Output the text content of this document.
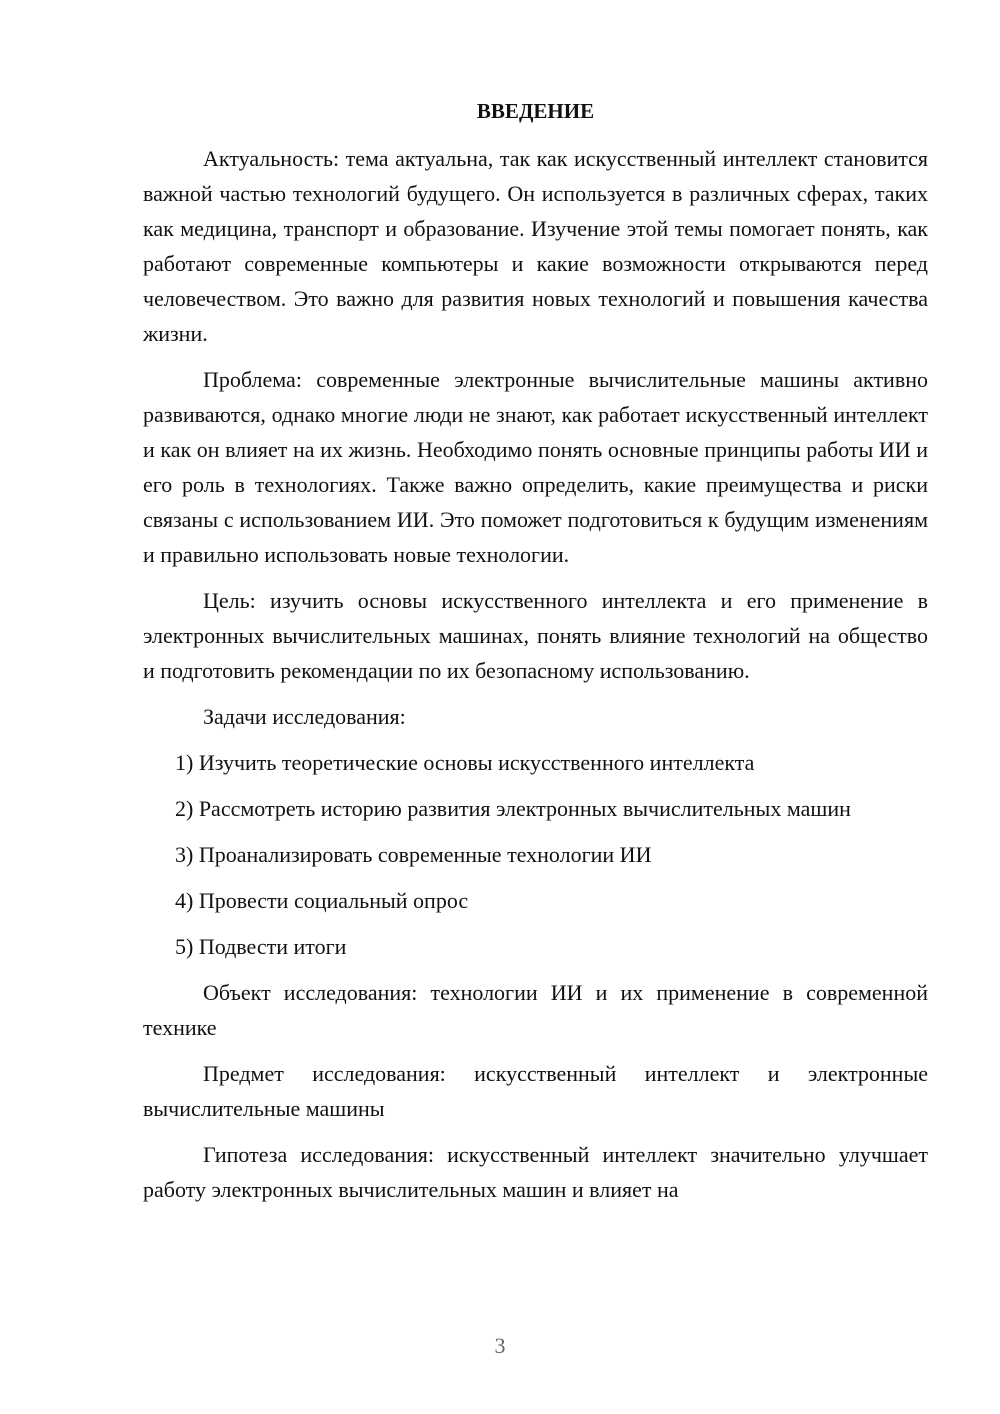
ВВЕДЕНИЕ

Актуальность: тема актуальна, так как искусственный интеллект становится важной частью технологий будущего. Он используется в различных сферах, таких как медицина, транспорт и образование. Изучение этой темы помогает понять, как работают современные компьютеры и какие возможности открываются перед человечеством. Это важно для развития новых технологий и повышения качества жизни.

Проблема: современные электронные вычислительные машины активно развиваются, однако многие люди не знают, как работает искусственный интеллект и как он влияет на их жизнь. Необходимо понять основные принципы работы ИИ и его роль в технологиях. Также важно определить, какие преимущества и риски связаны с использованием ИИ. Это поможет подготовиться к будущим изменениям и правильно использовать новые технологии.

Цель: изучить основы искусственного интеллекта и его применение в электронных вычислительных машинах, понять влияние технологий на общество и подготовить рекомендации по их безопасному использованию.

Задачи исследования:

1) Изучить теоретические основы искусственного интеллекта

2) Рассмотреть историю развития электронных вычислительных машин

3) Проанализировать современные технологии ИИ

4) Провести социальный опрос

5) Подвести итоги

Объект исследования: технологии ИИ и их применение в современной технике

Предмет исследования: искусственный интеллект и электронные вычислительные машины

Гипотеза исследования: искусственный интеллект значительно улучшает работу электронных вычислительных машин и влияет на

3
